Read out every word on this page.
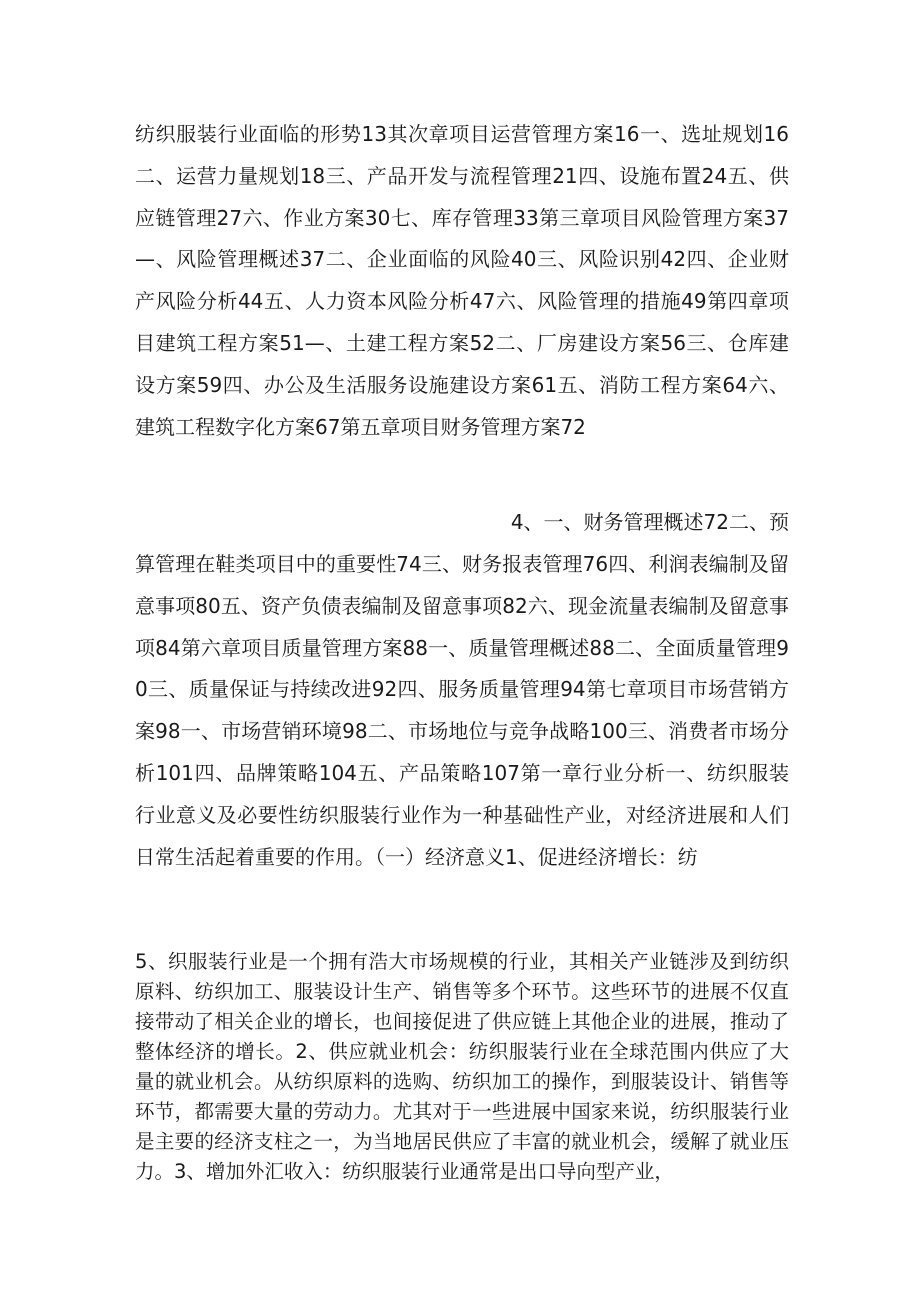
纺织服装行业面临的形势13其次章项目运营管理方案16一、选址规划16二、运营力量规划18三、产品开发与流程管理21四、设施布置24五、供应链管理27六、作业方案30七、库存管理33第三章项目风险管理方案37—、风险管理概述37二、企业面临的风险40三、风险识别42四、企业财产风险分析44五、人力资本风险分析47六、风险管理的措施49第四章项目建筑工程方案51—、土建工程方案52二、厂房建设方案56三、仓库建设方案59四、办公及生活服务设施建设方案61五、消防工程方案64六、建筑工程数字化方案67第五章项目财务管理方案72

4、一、财务管理概述72二、预

算管理在鞋类项目中的重要性74三、财务报表管理76四、利润表编制及留意事项80五、资产负债表编制及留意事项82六、现金流量表编制及留意事项84第六章项目质量管理方案88一、质量管理概述88二、全面质量管理90三、质量保证与持续改进92四、服务质量管理94第七章项目市场营销方案98一、市场营销环境98二、市场地位与竞争战略100三、消费者市场分析101四、品牌策略104五、产品策略107第一章行业分析一、纺织服装行业意义及必要性纺织服装行业作为一种基础性产业，对经济进展和人们日常生活起着重要的作用。（一）经济意义1、促进经济增长：纺

5、织服装行业是一个拥有浩大市场规模的行业，其相关产业链涉及到纺织原料、纺织加工、服装设计生产、销售等多个环节。这些环节的进展不仅直接带动了相关企业的增长，也间接促进了供应链上其他企业的进展，推动了整体经济的增长。2、供应就业机会：纺织服装行业在全球范围内供应了大量的就业机会。从纺织原料的选购、纺织加工的操作，到服装设计、销售等环节，都需要大量的劳动力。尤其对于一些进展中国家来说，纺织服装行业是主要的经济支柱之一，为当地居民供应了丰富的就业机会，缓解了就业压力。3、增加外汇收入：纺织服装行业通常是出口导向型产业，
